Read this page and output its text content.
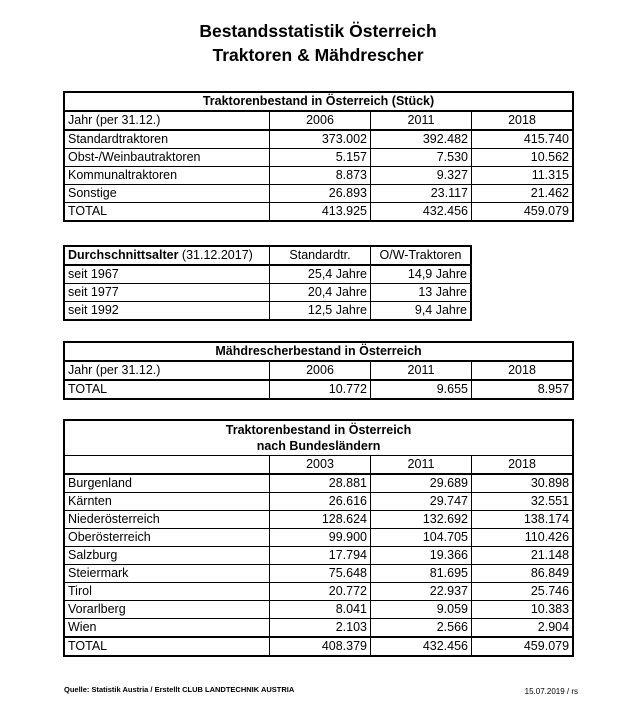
Bestandsstatistik Österreich
Traktoren & Mähdrescher
Traktorenbestand in Österreich (Stück)			
Jahr (per 31.12.)	2006	2011	2018
Standardtraktoren	373.002	392.482	415.740
Obst-/Weinbautraktoren	5.157	7.530	10.562
Kommunaltraktoren	8.873	9.327	11.315
Sonstige	26.893	23.117	21.462
TOTAL	413.925	432.456	459.079
Durchschnittsalter (31.12.2017)	Standardtr.	O/W-Traktoren
seit 1967	25,4 Jahre	14,9 Jahre
seit 1977	20,4 Jahre	13 Jahre
seit 1992	12,5 Jahre	9,4 Jahre
Mähdrescherbestand in Österreich			
Jahr (per 31.12.)	2006	2011	2018
TOTAL	10.772	9.655	8.957
Traktorenbestand in Österreich
nach Bundesländern			

	2003	2011	2018
Burgenland	28.881	29.689	30.898
Kärnten	26.616	29.747	32.551
Niederösterreich	128.624	132.692	138.174
Oberösterreich	99.900	104.705	110.426
Salzburg	17.794	19.366	21.148
Steiermark	75.648	81.695	86.849
Tirol	20.772	22.937	25.746
Vorarlberg	8.041	9.059	10.383
Wien	2.103	2.566	2.904
TOTAL	408.379	432.456	459.079
Quelle: Statistik Austria / Erstellt CLUB LANDTECHNIK AUSTRIA	15.07.2019 / rs
